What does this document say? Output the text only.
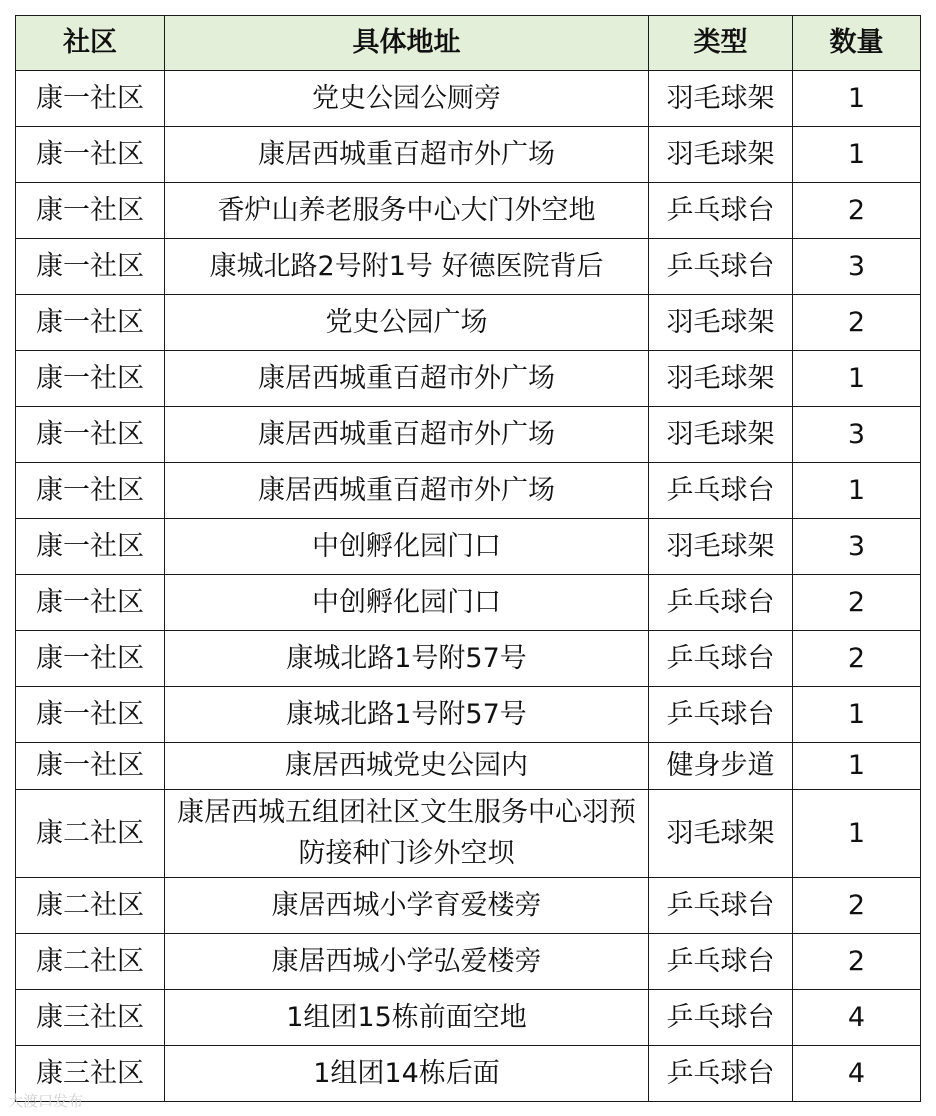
社区	具体地址	类型	数量
康一社区	党史公园公厕旁	羽毛球架	1
康一社区	康居西城重百超市外广场	羽毛球架	1
康一社区	香炉山养老服务中心大门外空地	乒乓球台	2
康一社区	康城北路2号附1号 好德医院背后	乒乓球台	3
康一社区	党史公园广场	羽毛球架	2
康一社区	康居西城重百超市外广场	羽毛球架	1
康一社区	康居西城重百超市外广场	羽毛球架	3
康一社区	康居西城重百超市外广场	乒乓球台	1
康一社区	中创孵化园门口	羽毛球架	3
康一社区	中创孵化园门口	乒乓球台	2
康一社区	康城北路1号附57号	乒乓球台	2
康一社区	康城北路1号附57号	乒乓球台	1
康一社区	康居西城党史公园内	健身步道	1
康二社区	康居西城五组团社区文生服务中心羽预防接种门诊外空坝	羽毛球架	1
康二社区	康居西城小学育爱楼旁	乒乓球台	2
康二社区	康居西城小学弘爱楼旁	乒乓球台	2
康三社区	1组团15栋前面空地	乒乓球台	4
康三社区	1组团14栋后面	乒乓球台	4
大渡口发布
